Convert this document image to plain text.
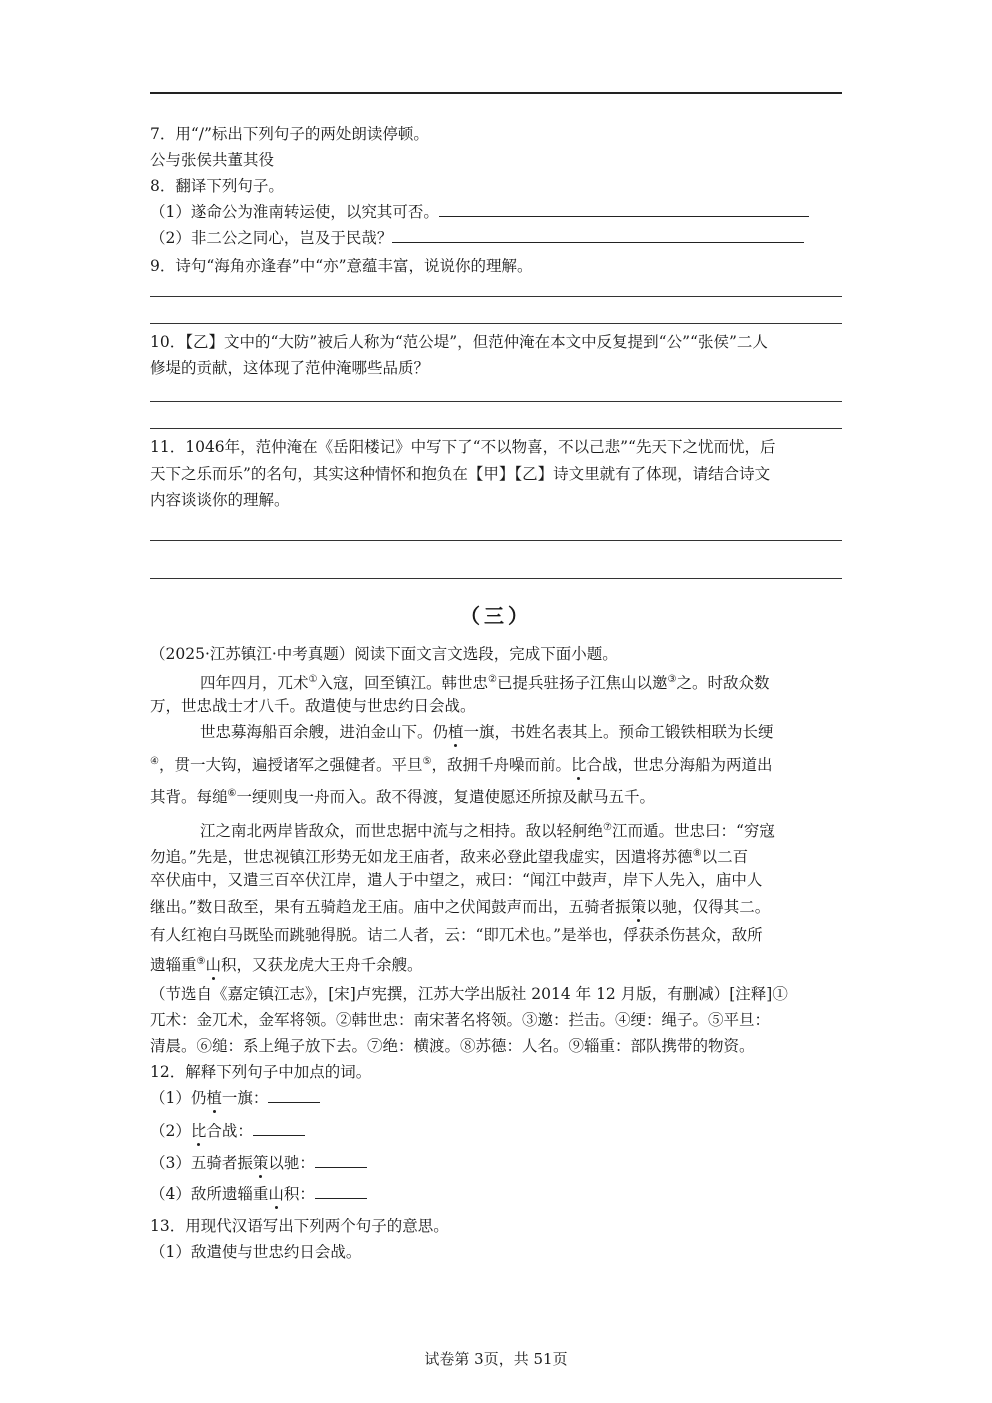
7．用“/”标出下列句子的两处朗读停顿。
公与张侯共董其役
8．翻译下列句子。
（1）遂命公为淮南转运使，以究其可否。
（2）非二公之同心，岂及于民哉？
9．诗句“海角亦逢春”中“亦”意蕴丰富，说说你的理解。
10．【乙】文中的“大防”被后人称为“范公堤”，但范仲淹在本文中反复提到“公”“张侯”二人
修堤的贡献，这体现了范仲淹哪些品质？
11．1046年，范仲淹在《岳阳楼记》中写下了“不以物喜，不以己悲”“先天下之忧而忧，后
天下之乐而乐”的名句，其实这种情怀和抱负在【甲】【乙】诗文里就有了体现，请结合诗文
内容谈谈你的理解。
（三）
（2025·江苏镇江·中考真题）阅读下面文言文选段，完成下面小题。
四年四月，兀术①入寇，回至镇江。韩世忠②已提兵驻扬子江焦山以邀③之。时敌众数
万，世忠战士才八千。敌遣使与世忠约日会战。
世忠募海船百余艘，进泊金山下。仍植一旗，书姓名表其上。预命工锻铁相联为长绠
④，贯一大钩，遍授诸军之强健者。平旦⑤，敌拥千舟噪而前。比合战，世忠分海船为两道出
其背。每缒⑥一绠则曳一舟而入。敌不得渡，复遣使愿还所掠及献马五千。
江之南北两岸皆敌众，而世忠据中流与之相持。敌以轻舸绝⑦江而遁。世忠曰：“穷寇
勿追。”先是，世忠视镇江形势无如龙王庙者，敌来必登此望我虚实，因遣将苏德⑧以二百
卒伏庙中，又遣三百卒伏江岸，遣人于中望之，戒曰：“闻江中鼓声，岸下人先入，庙中人
继出。”数日敌至，果有五骑趋龙王庙。庙中之伏闻鼓声而出，五骑者振策以驰，仅得其二。
有人红袍白马既坠而跳驰得脱。诘二人者，云：“即兀术也。”是举也，俘获杀伤甚众，敌所
遗辎重⑨山积，又获龙虎大王舟千余艘。
（节选自《嘉定镇江志》，[宋]卢宪撰，江苏大学出版社 2014 年 12 月版，有删减）[注释]①
兀术：金兀术，金军将领。②韩世忠：南宋著名将领。③邀：拦击。④绠：绳子。⑤平旦：
清晨。⑥缒：系上绳子放下去。⑦绝：横渡。⑧苏德：人名。⑨辎重：部队携带的物资。
12．解释下列句子中加点的词。
（1）仍植一旗：
（2）比合战：
（3）五骑者振策以驰：
（4）敌所遗辎重山积：
13．用现代汉语写出下列两个句子的意思。
（1）敌遣使与世忠约日会战。
试卷第 3页，共 51页
